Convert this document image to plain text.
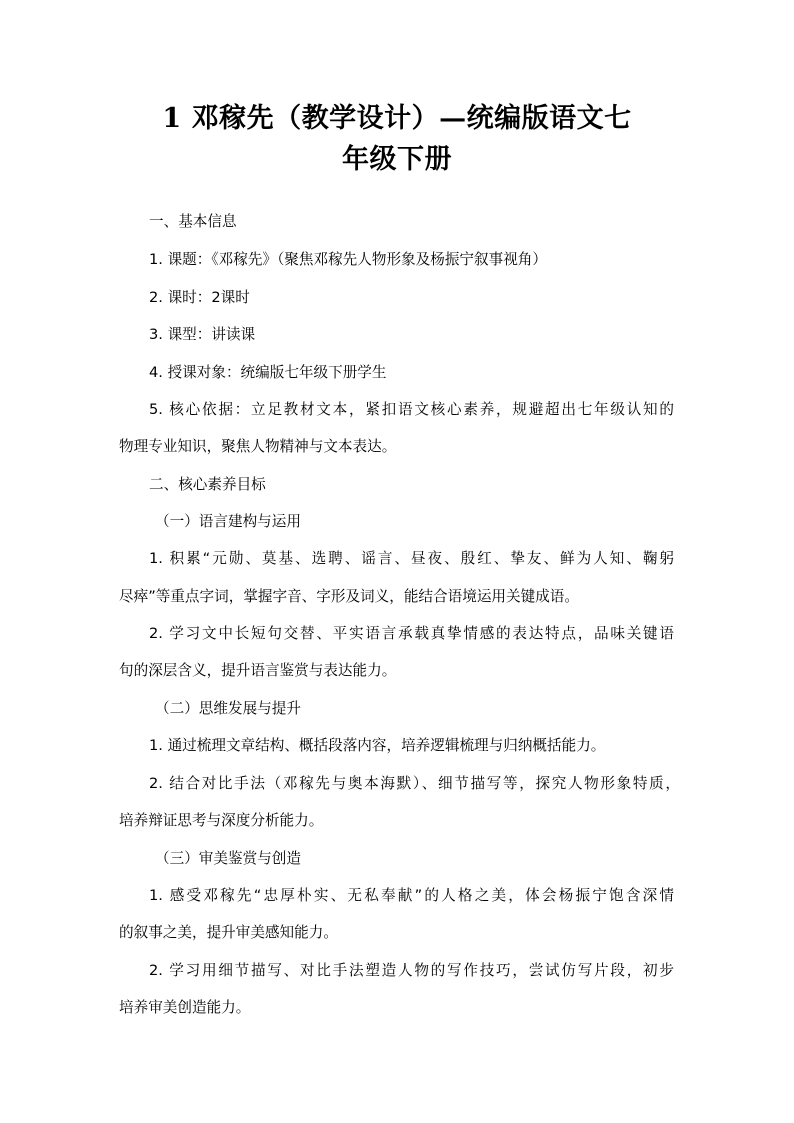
1 邓稼先（教学设计）—统编版语文七
年级下册
一、基本信息
1. 课题：《邓稼先》（聚焦邓稼先人物形象及杨振宁叙事视角）
2. 课时：2课时
3. 课型：讲读课
4. 授课对象：统编版七年级下册学生
5. 核心依据：立足教材文本，紧扣语文核心素养，规避超出七年级认知的
物理专业知识，聚焦人物精神与文本表达。
二、核心素养目标
（一）语言建构与运用
1. 积累“元勋、莫基、选聘、谣言、昼夜、殷红、挚友、鲜为人知、鞠躬
尽瘁”等重点字词，掌握字音、字形及词义，能结合语境运用关键成语。
2. 学习文中长短句交替、平实语言承载真挚情感的表达特点，品味关键语
句的深层含义，提升语言鉴赏与表达能力。
（二）思维发展与提升
1. 通过梳理文章结构、概括段落内容，培养逻辑梳理与归纳概括能力。
2. 结合对比手法（邓稼先与奥本海默）、细节描写等，探究人物形象特质，
培养辩证思考与深度分析能力。
（三）审美鉴赏与创造
1. 感受邓稼先“忠厚朴实、无私奉献”的人格之美，体会杨振宁饱含深情
的叙事之美，提升审美感知能力。
2. 学习用细节描写、对比手法塑造人物的写作技巧，尝试仿写片段，初步
培养审美创造能力。
